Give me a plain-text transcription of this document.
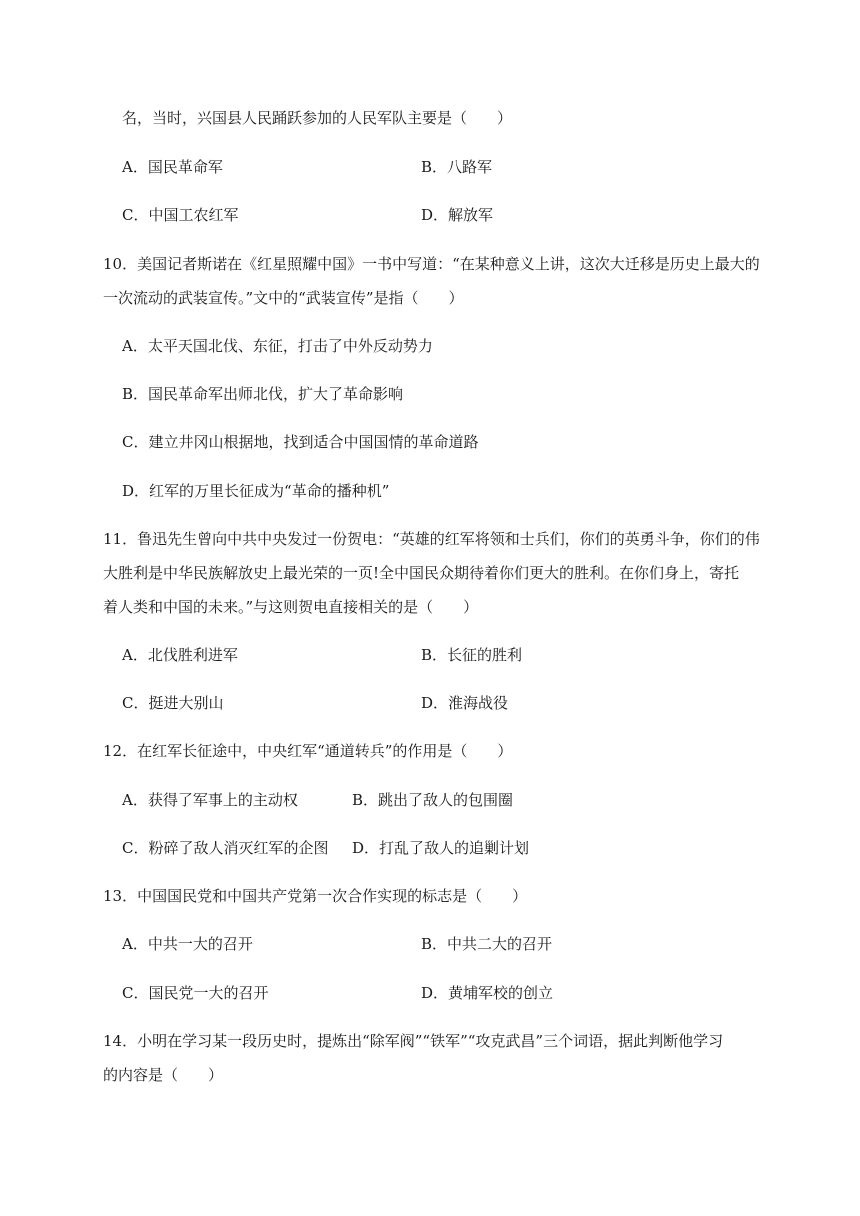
名，当时，兴国县人民踊跃参加的人民军队主要是（　　）
A．国民革命军	B．八路军
C．中国工农红军	D．解放军
10．美国记者斯诺在《红星照耀中国》一书中写道：“在某种意义上讲，这次大迁移是历史上最大的
一次流动的武装宣传。”文中的“武装宣传”是指（　　）
A．太平天国北伐、东征，打击了中外反动势力
B．国民革命军出师北伐，扩大了革命影响
C．建立井冈山根据地，找到适合中国国情的革命道路
D．红军的万里长征成为“革命的播种机”
11．鲁迅先生曾向中共中央发过一份贺电：“英雄的红军将领和士兵们，你们的英勇斗争，你们的伟
大胜利是中华民族解放史上最光荣的一页!全中国民众期待着你们更大的胜利。在你们身上，寄托
着人类和中国的未来。”与这则贺电直接相关的是（　　）
A．北伐胜利进军	B．长征的胜利
C．挺进大别山	D．淮海战役
12．在红军长征途中，中央红军“通道转兵”的作用是（　　）
A．获得了军事上的主动权	B．跳出了敌人的包围圈
C．粉碎了敌人消灭红军的企图 D．打乱了敌人的追剿计划
13．中国国民党和中国共产党第一次合作实现的标志是（　　）
A．中共一大的召开	B．中共二大的召开
C．国民党一大的召开	D．黄埔军校的创立
14．小明在学习某一段历史时，提炼出“除军阀”“铁军”“攻克武昌”三个词语，据此判断他学习
的内容是（　　）
